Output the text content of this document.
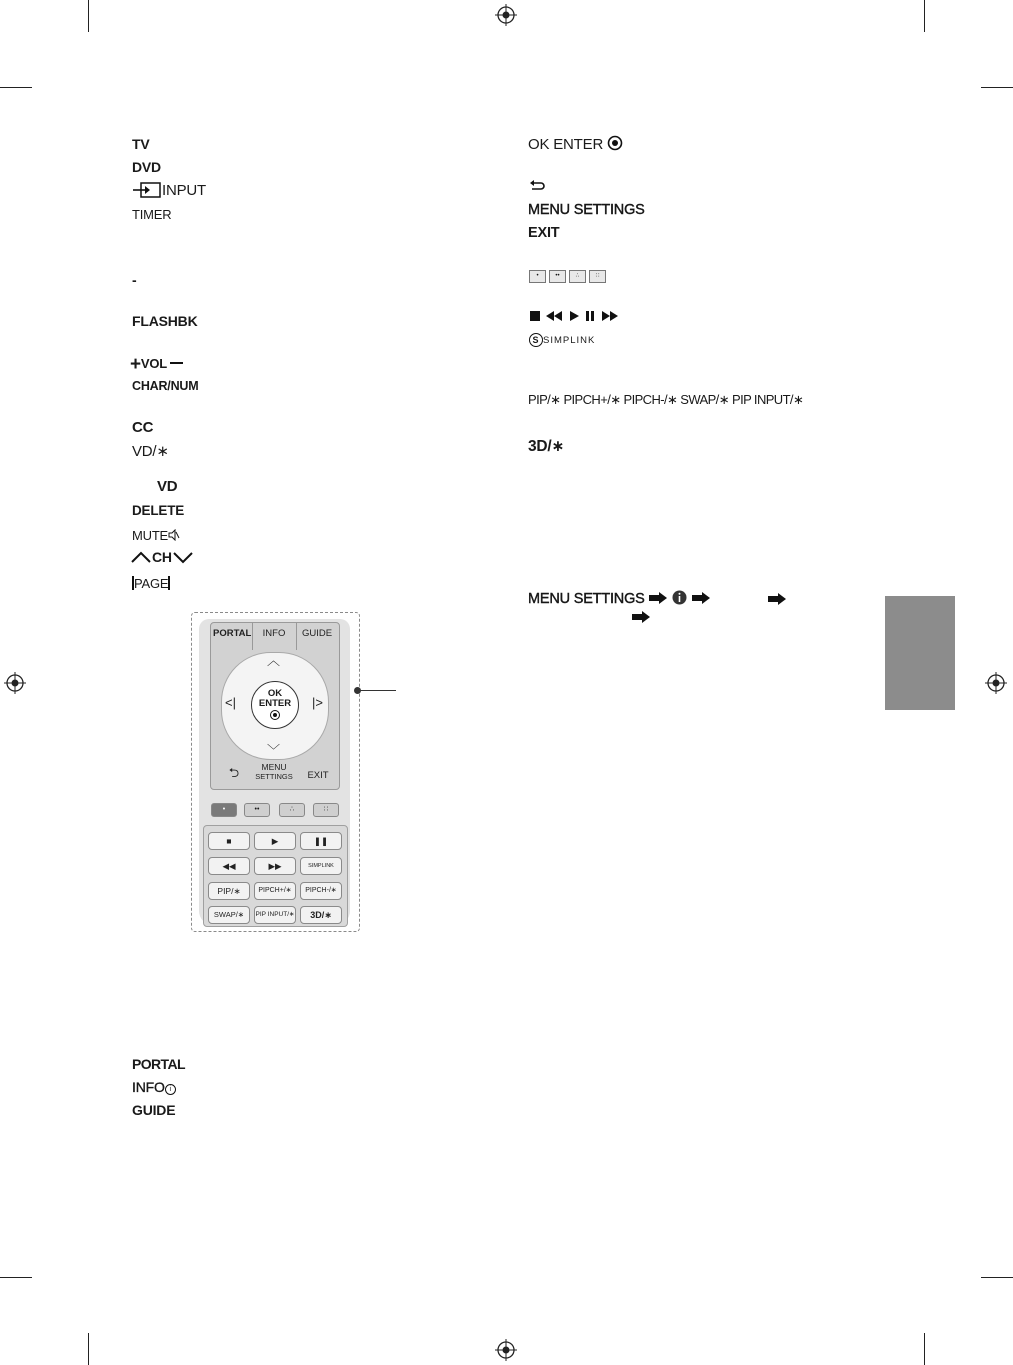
TV
DVD
INPUT
TIMER
-
FLASHBK
+VOL
CHAR/NUM
CC
VD/∗
VD
DELETE
MUTE
CH
PAGE
OK ENTER
MENU SETTINGS
EXIT
•	••	∴	∷

S SIMPLINK
PIP/∗ PIPCH+/∗ PIPCH-/∗ SWAP/∗ PIP INPUT/∗
3D/∗
MENU SETTINGS
PORTAL	INFO	GUIDE
︿
﹀
<|	|>
OK
ENTER
⮌	MENU
SETTINGS	EXIT
•	••	∴	∷
■	▶	❚❚
◀◀	▶▶	SIMPLINK
PIP/∗	PIPCH+/∗	PIPCH-/∗
SWAP/∗	PIP INPUT/∗	3D/∗
PORTAL
INFO i
GUIDE
